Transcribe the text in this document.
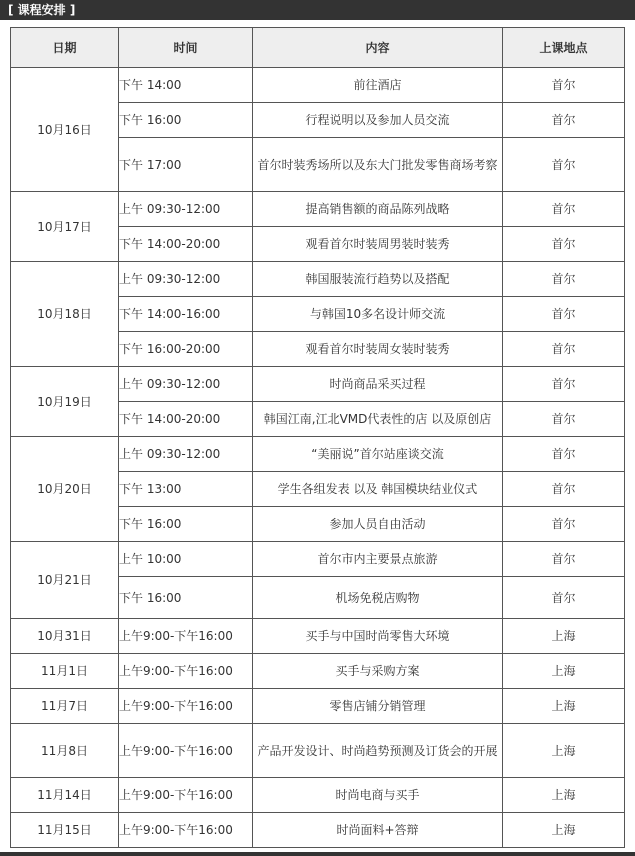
[ 课程安排 ]
日期	时间	内容	上课地点
10月16日	下午 14:00	前往酒店	首尔
	下午 16:00	行程说明以及参加人员交流	首尔
	下午 17:00	首尔时装秀场所以及东大门批发零售商场考察	首尔
10月17日	上午 09:30-12:00	提高销售额的商品陈列战略	首尔
	下午 14:00-20:00	观看首尔时装周男装时装秀	首尔
10月18日	上午 09:30-12:00	韩国服装流行趋势以及搭配	首尔
	下午 14:00-16:00	与韩国10多名设计师交流	首尔
	下午 16:00-20:00	观看首尔时装周女装时装秀	首尔
10月19日	上午 09:30-12:00	时尚商品采买过程	首尔
	下午 14:00-20:00	韩国江南,江北VMD代表性的店 以及原创店	首尔
10月20日	上午 09:30-12:00	“美丽说”首尔站座谈交流	首尔
	下午 13:00	学生各组发表 以及 韩国模块结业仪式	首尔
	下午 16:00	参加人员自由活动	首尔
10月21日	上午 10:00	首尔市内主要景点旅游	首尔
	下午 16:00	机场免税店购物	首尔
10月31日	上午9:00-下午16:00	买手与中国时尚零售大环境	上海
11月1日	上午9:00-下午16:00	买手与采购方案	上海
11月7日	上午9:00-下午16:00	零售店铺分销管理	上海
11月8日	上午9:00-下午16:00	产品开发设计、时尚趋势预测及订货会的开展	上海
11月14日	上午9:00-下午16:00	时尚电商与买手	上海
11月15日	上午9:00-下午16:00	时尚面料+答辩	上海
